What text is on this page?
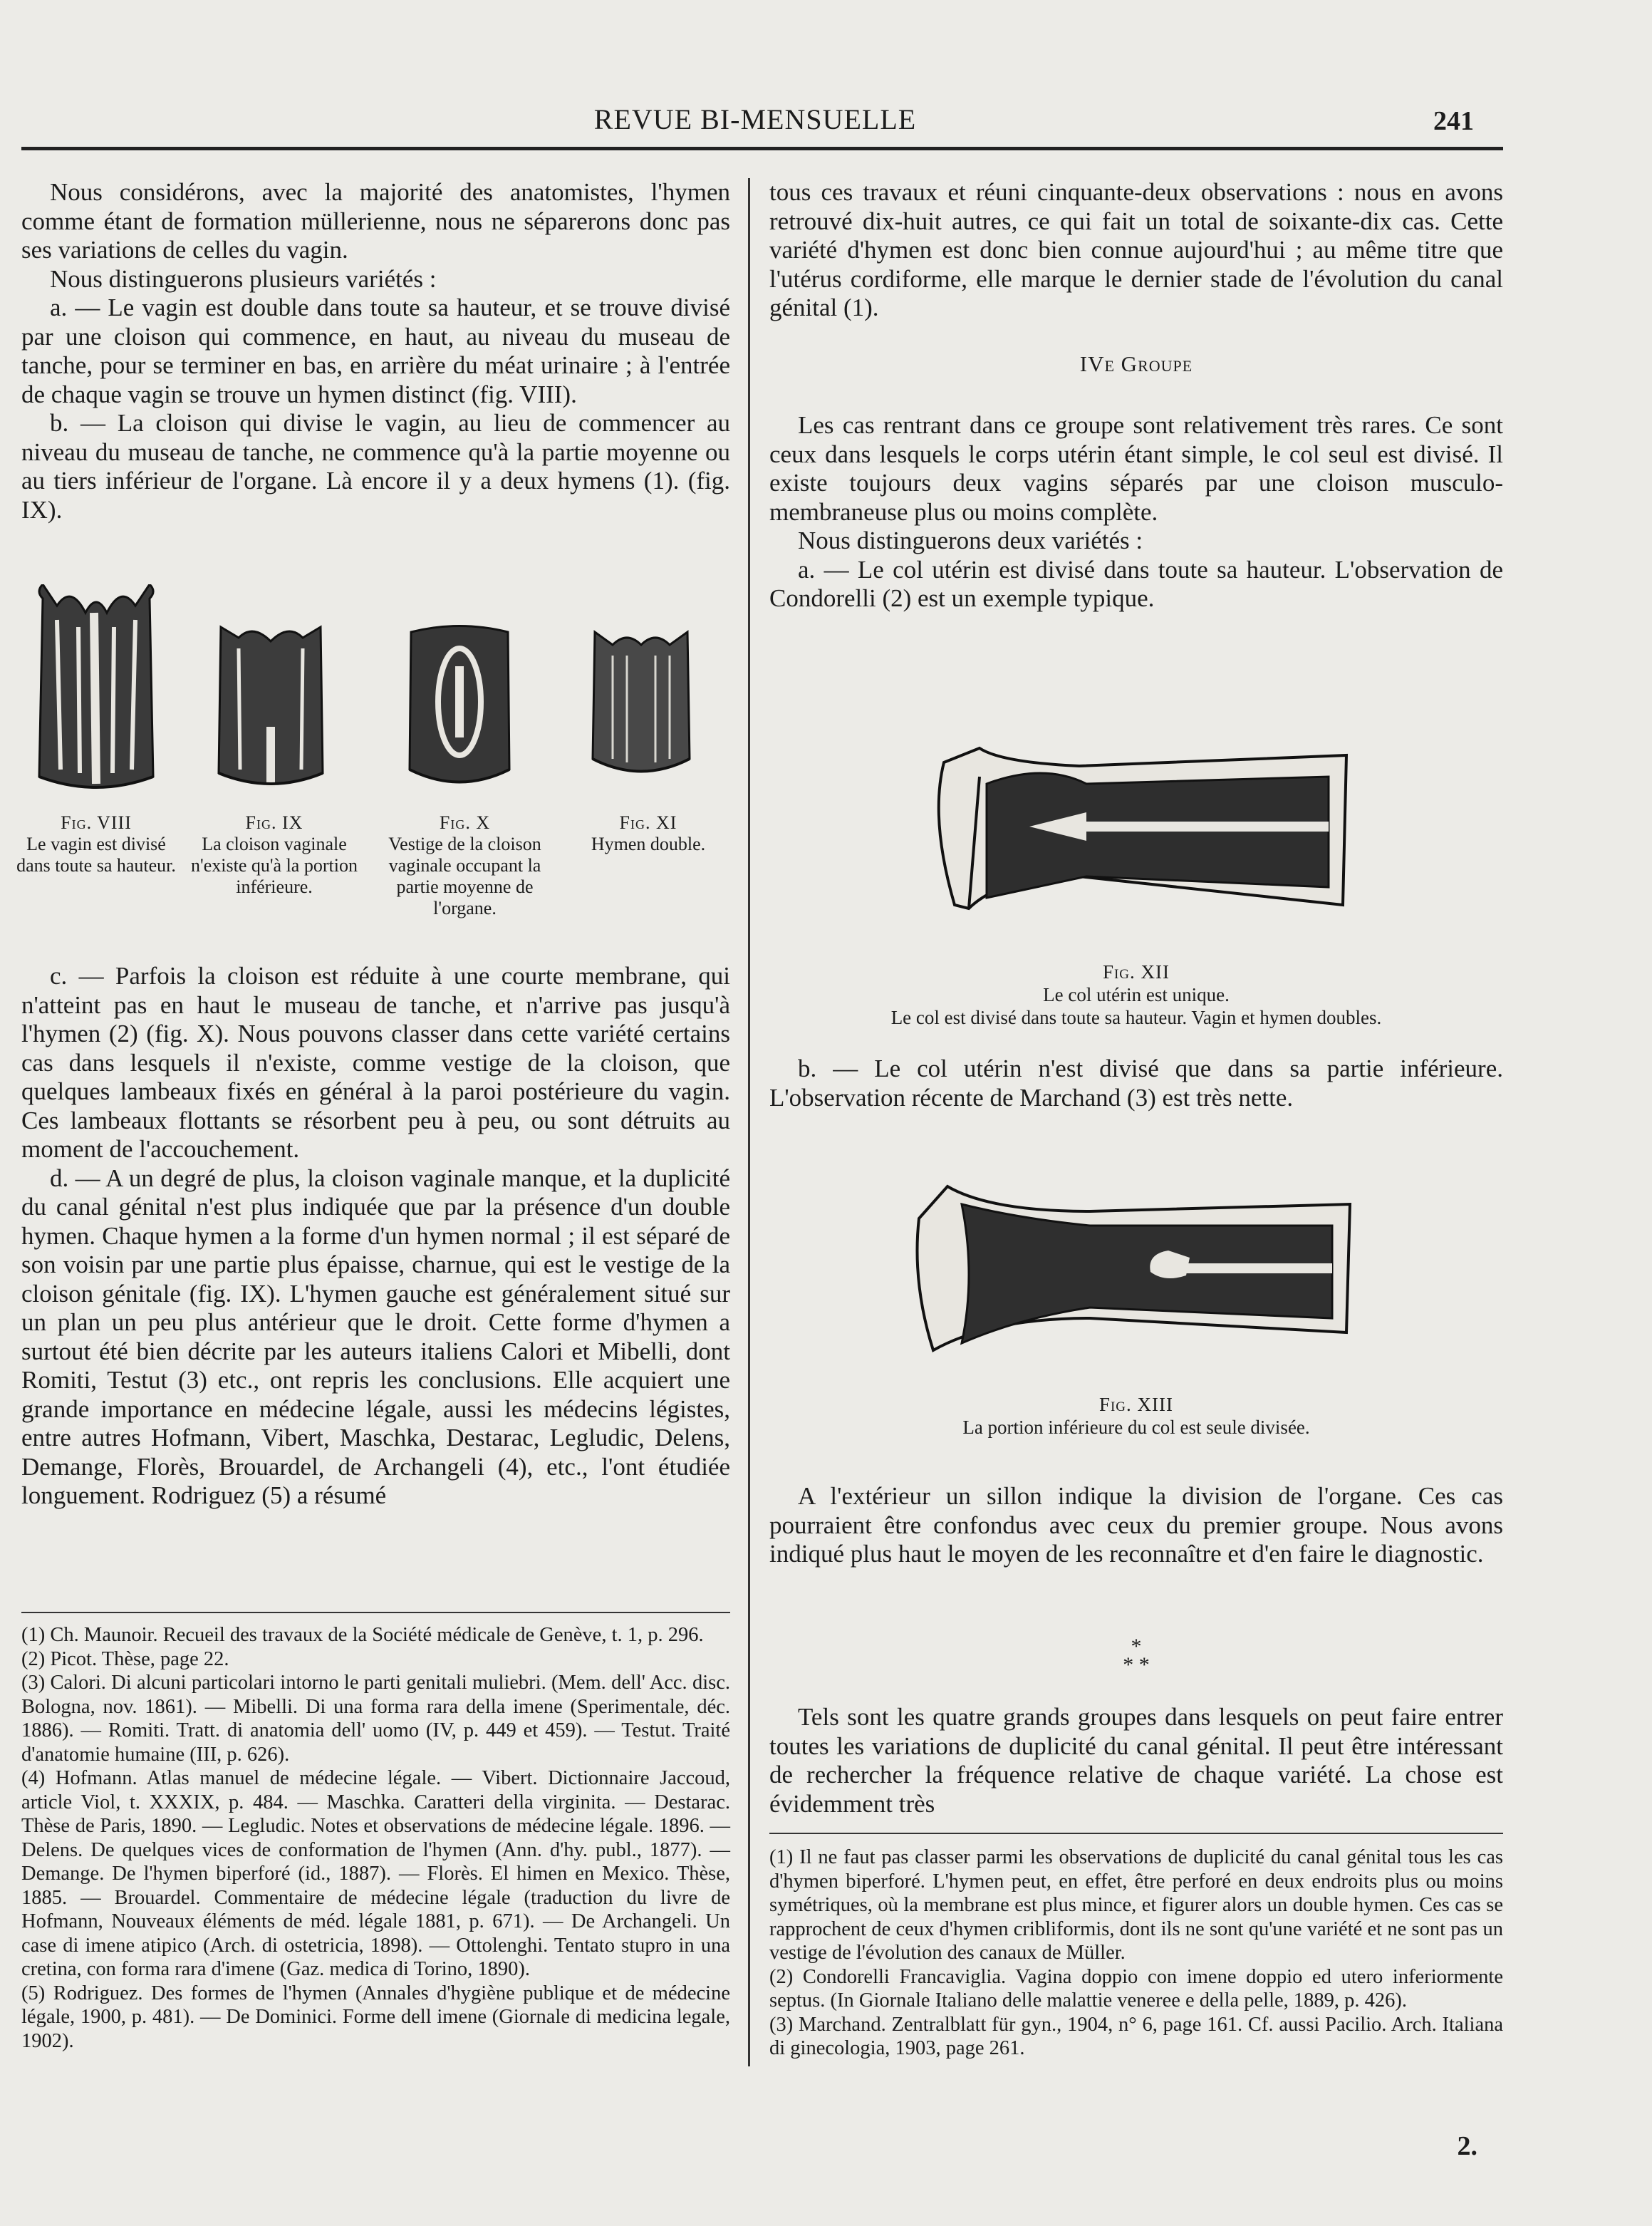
REVUE BI-MENSUELLE	241

Nous considérons, avec la majorité des anatomistes, l'hymen comme étant de formation müllerienne, nous ne séparerons donc pas ses variations de celles du vagin.

Nous distinguerons plusieurs variétés :

a. — Le vagin est double dans toute sa hauteur, et se trouve divisé par une cloison qui commence, en haut, au niveau du museau de tanche, pour se terminer en bas, en arrière du méat urinaire ; à l'entrée de chaque vagin se trouve un hymen distinct (fig. VIII).

b. — La cloison qui divise le vagin, au lieu de commencer au niveau du museau de tanche, ne commence qu'à la partie moyenne ou au tiers inférieur de l'organe. Là encore il y a deux hymens (1). (fig. IX).

Fig. VIII
Le vagin est divisé dans toute sa hauteur.
Fig. IX
La cloison vaginale n'existe qu'à la portion inférieure.
Fig. X
Vestige de la cloison vaginale occupant la partie moyenne de l'organe.
Fig. XI
Hymen double.

c. — Parfois la cloison est réduite à une courte membrane, qui n'atteint pas en haut le museau de tanche, et n'arrive pas jusqu'à l'hymen (2) (fig. X). Nous pouvons classer dans cette variété certains cas dans lesquels il n'existe, comme vestige de la cloison, que quelques lambeaux fixés en général à la paroi postérieure du vagin. Ces lambeaux flottants se résorbent peu à peu, ou sont détruits au moment de l'accouchement.

d. — A un degré de plus, la cloison vaginale manque, et la duplicité du canal génital n'est plus indiquée que par la présence d'un double hymen. Chaque hymen a la forme d'un hymen normal ; il est séparé de son voisin par une partie plus épaisse, charnue, qui est le vestige de la cloison génitale (fig. IX). L'hymen gauche est généralement situé sur un plan un peu plus antérieur que le droit. Cette forme d'hymen a surtout été bien décrite par les auteurs italiens Calori et Mibelli, dont Romiti, Testut (3) etc., ont repris les conclusions. Elle acquiert une grande importance en médecine légale, aussi les médecins légistes, entre autres Hofmann, Vibert, Maschka, Destarac, Legludic, Delens, Demange, Florès, Brouardel, de Archangeli (4), etc., l'ont étudiée longuement. Rodriguez (5) a résumé

(1) Ch. Maunoir. Recueil des travaux de la Société médicale de Genève, t. 1, p. 296.

(2) Picot. Thèse, page 22.

(3) Calori. Di alcuni particolari intorno le parti genitali muliebri. (Mem. dell' Acc. disc. Bologna, nov. 1861). — Mibelli. Di una forma rara della imene (Sperimentale, déc. 1886). — Romiti. Tratt. di anatomia dell' uomo (IV, p. 449 et 459). — Testut. Traité d'anatomie humaine (III, p. 626).

(4) Hofmann. Atlas manuel de médecine légale. — Vibert. Dictionnaire Jaccoud, article Viol, t. XXXIX, p. 484. — Maschka. Caratteri della virginita. — Destarac. Thèse de Paris, 1890. — Legludic. Notes et observations de médecine légale. 1896. — Delens. De quelques vices de conformation de l'hymen (Ann. d'hy. publ., 1877). — Demange. De l'hymen biperforé (id., 1887). — Florès. El himen en Mexico. Thèse, 1885. — Brouardel. Commentaire de médecine légale (traduction du livre de Hofmann, Nouveaux éléments de méd. légale 1881, p. 671). — De Archangeli. Un case di imene atipico (Arch. di ostetricia, 1898). — Ottolenghi. Tentato stupro in una cretina, con forma rara d'imene (Gaz. medica di Torino, 1890).

(5) Rodriguez. Des formes de l'hymen (Annales d'hygiène publique et de médecine légale, 1900, p. 481). — De Dominici. Forme dell imene (Giornale di medicina legale, 1902).

tous ces travaux et réuni cinquante-deux observations : nous en avons retrouvé dix-huit autres, ce qui fait un total de soixante-dix cas. Cette variété d'hymen est donc bien connue aujourd'hui ; au même titre que l'utérus cordiforme, elle marque le dernier stade de l'évolution du canal génital (1).

IVe Groupe

Les cas rentrant dans ce groupe sont relativement très rares. Ce sont ceux dans lesquels le corps utérin étant simple, le col seul est divisé. Il existe toujours deux vagins séparés par une cloison musculo-membraneuse plus ou moins complète.

Nous distinguerons deux variétés :

a. — Le col utérin est divisé dans toute sa hauteur. L'observation de Condorelli (2) est un exemple typique.

Fig. XII
Le col utérin est unique.
Le col est divisé dans toute sa hauteur. Vagin et hymen doubles.

b. — Le col utérin n'est divisé que dans sa partie inférieure. L'observation récente de Marchand (3) est très nette.

Fig. XIII
La portion inférieure du col est seule divisée.

A l'extérieur un sillon indique la division de l'organe. Ces cas pourraient être confondus avec ceux du premier groupe. Nous avons indiqué plus haut le moyen de les reconnaître et d'en faire le diagnostic.

*
* *

Tels sont les quatre grands groupes dans lesquels on peut faire entrer toutes les variations de duplicité du canal génital. Il peut être intéressant de rechercher la fréquence relative de chaque variété. La chose est évidemment très

(1) Il ne faut pas classer parmi les observations de duplicité du canal génital tous les cas d'hymen biperforé. L'hymen peut, en effet, être perforé en deux endroits plus ou moins symétriques, où la membrane est plus mince, et figurer alors un double hymen. Ces cas se rapprochent de ceux d'hymen cribliformis, dont ils ne sont qu'une variété et ne sont pas un vestige de l'évolution des canaux de Müller.

(2) Condorelli Francaviglia. Vagina doppio con imene doppio ed utero inferiormente septus. (In Giornale Italiano delle malattie veneree e della pelle, 1889, p. 426).

(3) Marchand. Zentralblatt für gyn., 1904, n° 6, page 161. Cf. aussi Pacilio. Arch. Italiana di ginecologia, 1903, page 261.

2.
